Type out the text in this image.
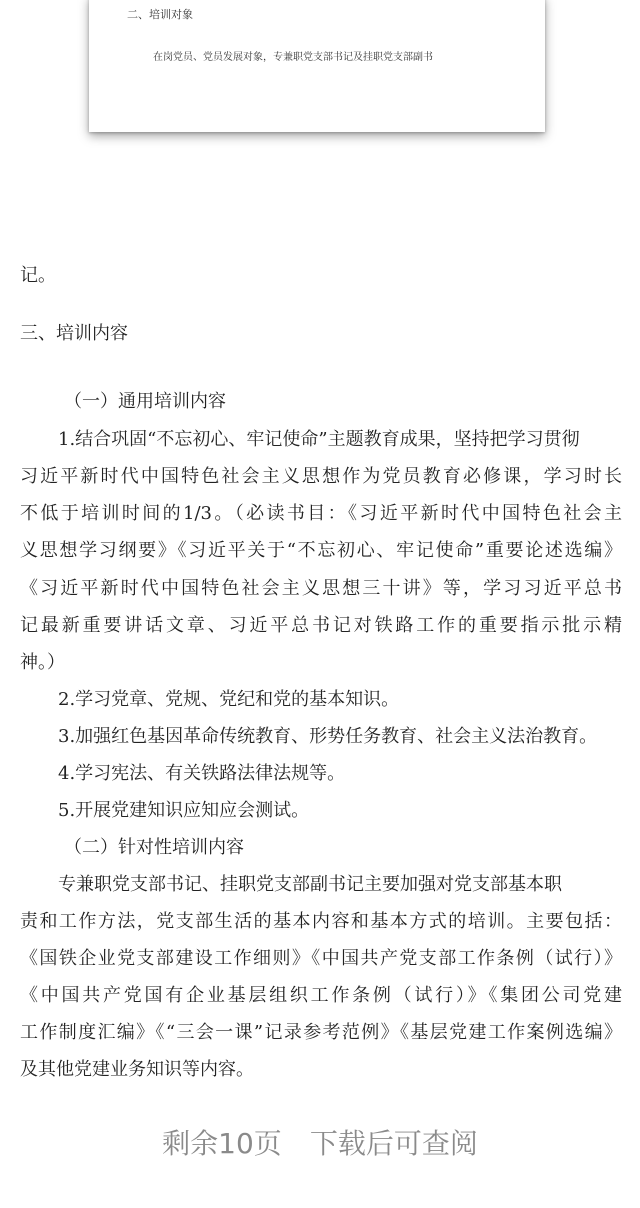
二、培训对象
在岗党员、党员发展对象，专兼职党支部书记及挂职党支部副书
记。
三、培训内容
（一）通用培训内容
1.结合巩固“不忘初心、牢记使命”主题教育成果，坚持把学习贯彻
习近平新时代中国特色社会主义思想作为党员教育必修课，学习时长
不低于培训时间的1/3。（必读书目：《习近平新时代中国特色社会主
义思想学习纲要》《习近平关于“不忘初心、牢记使命”重要论述选编》
《习近平新时代中国特色社会主义思想三十讲》等，学习习近平总书
记最新重要讲话文章、习近平总书记对铁路工作的重要指示批示精
神。）
2.学习党章、党规、党纪和党的基本知识。
3.加强红色基因革命传统教育、形势任务教育、社会主义法治教育。
4.学习宪法、有关铁路法律法规等。
5.开展党建知识应知应会测试。
（二）针对性培训内容
专兼职党支部书记、挂职党支部副书记主要加强对党支部基本职
责和工作方法，党支部生活的基本内容和基本方式的培训。主要包括：
《国铁企业党支部建设工作细则》《中国共产党支部工作条例（试行）》
《中国共产党国有企业基层组织工作条例（试行）》《集团公司党建
工作制度汇编》《“三会一课”记录参考范例》《基层党建工作案例选编》
及其他党建业务知识等内容。
剩余10页 下载后可查阅
